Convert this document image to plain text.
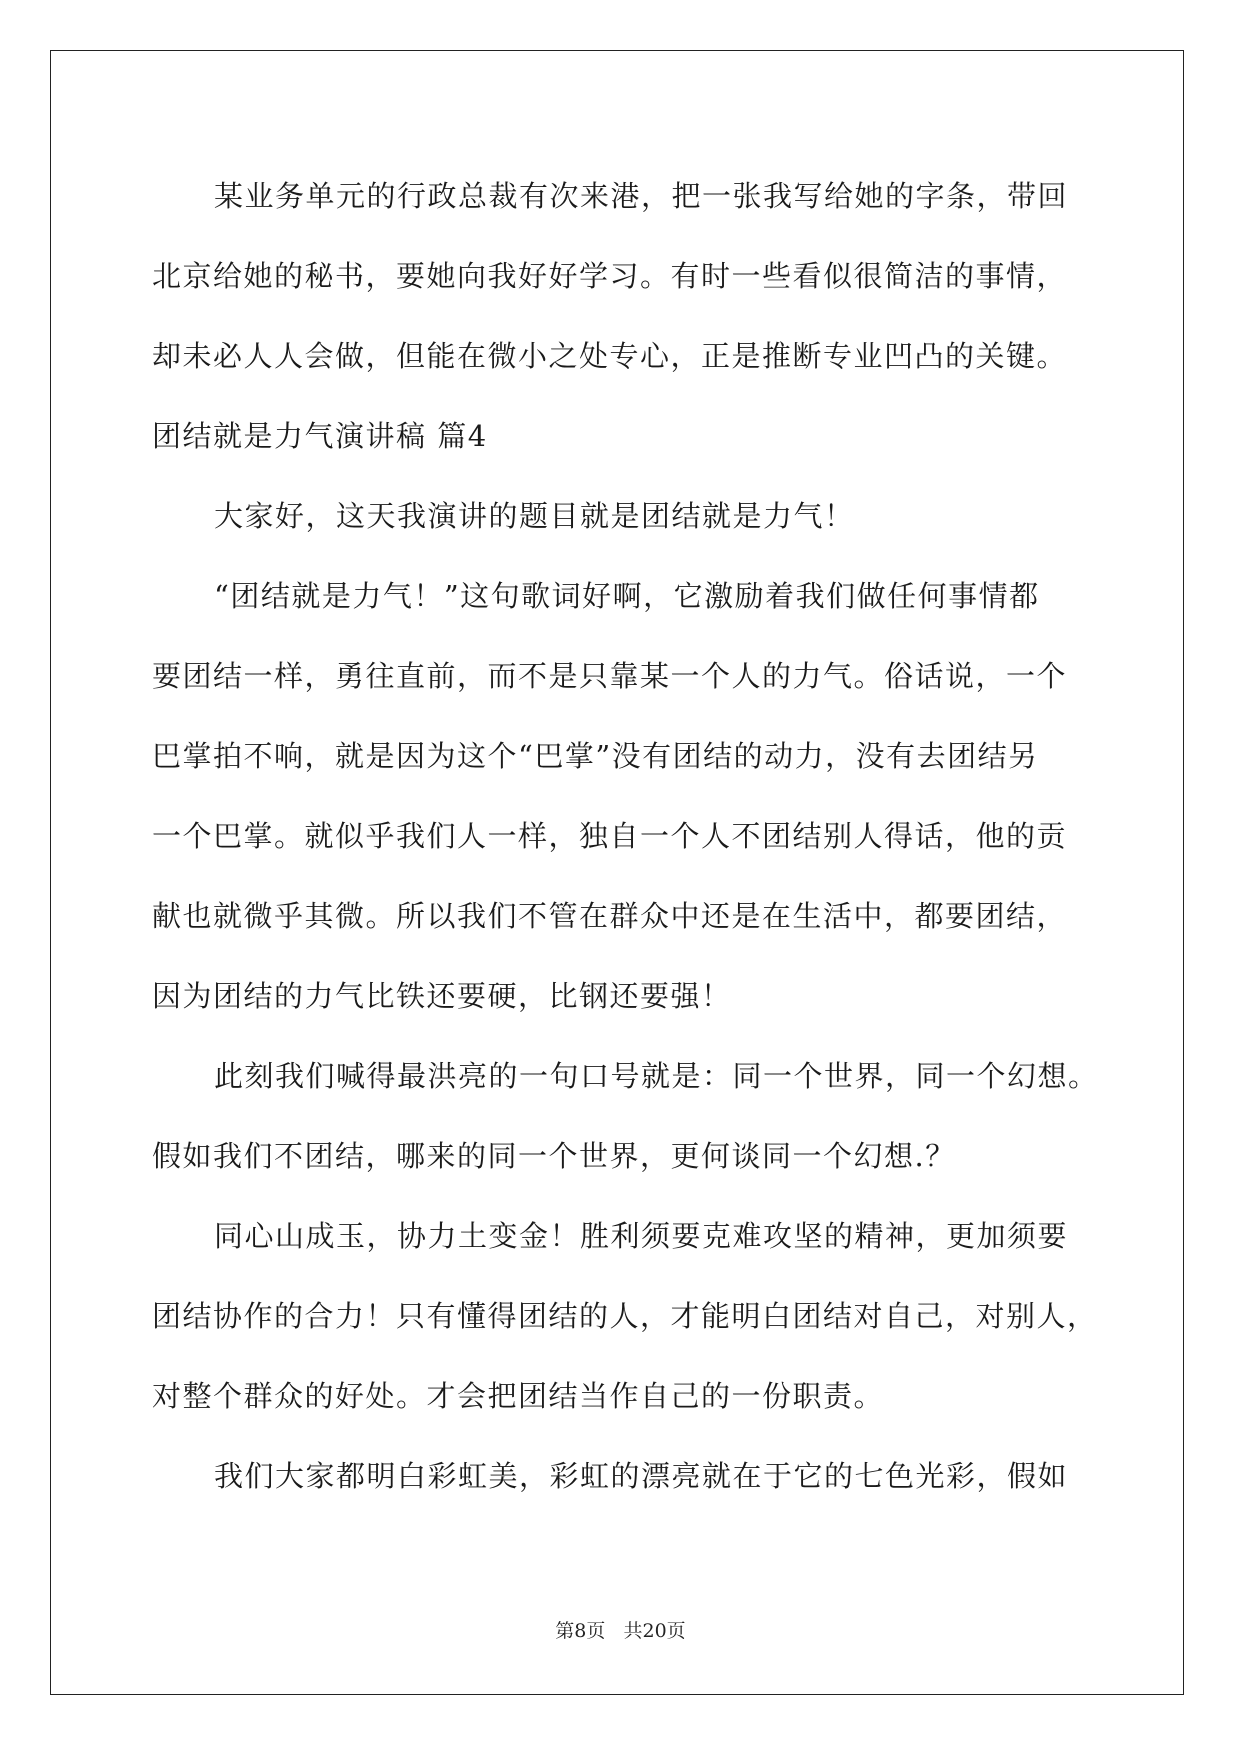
某业务单元的行政总裁有次来港，把一张我写给她的字条，带回
北京给她的秘书，要她向我好好学习。有时一些看似很简洁的事情，
却未必人人会做，但能在微小之处专心，正是推断专业凹凸的关键。
团结就是力气演讲稿 篇4
大家好，这天我演讲的题目就是团结就是力气！
“团结就是力气！”这句歌词好啊，它激励着我们做任何事情都
要团结一样，勇往直前，而不是只靠某一个人的力气。俗话说，一个
巴掌拍不响，就是因为这个“巴掌”没有团结的动力，没有去团结另
一个巴掌。就似乎我们人一样，独自一个人不团结别人得话，他的贡
献也就微乎其微。所以我们不管在群众中还是在生活中，都要团结，
因为团结的力气比铁还要硬，比钢还要强！
此刻我们喊得最洪亮的一句口号就是：同一个世界，同一个幻想。
假如我们不团结，哪来的同一个世界，更何谈同一个幻想.？
同心山成玉，协力土变金！胜利须要克难攻坚的精神，更加须要
团结协作的合力！只有懂得团结的人，才能明白团结对自己，对别人，
对整个群众的好处。才会把团结当作自己的一份职责。
我们大家都明白彩虹美，彩虹的漂亮就在于它的七色光彩，假如
第8页   共20页
